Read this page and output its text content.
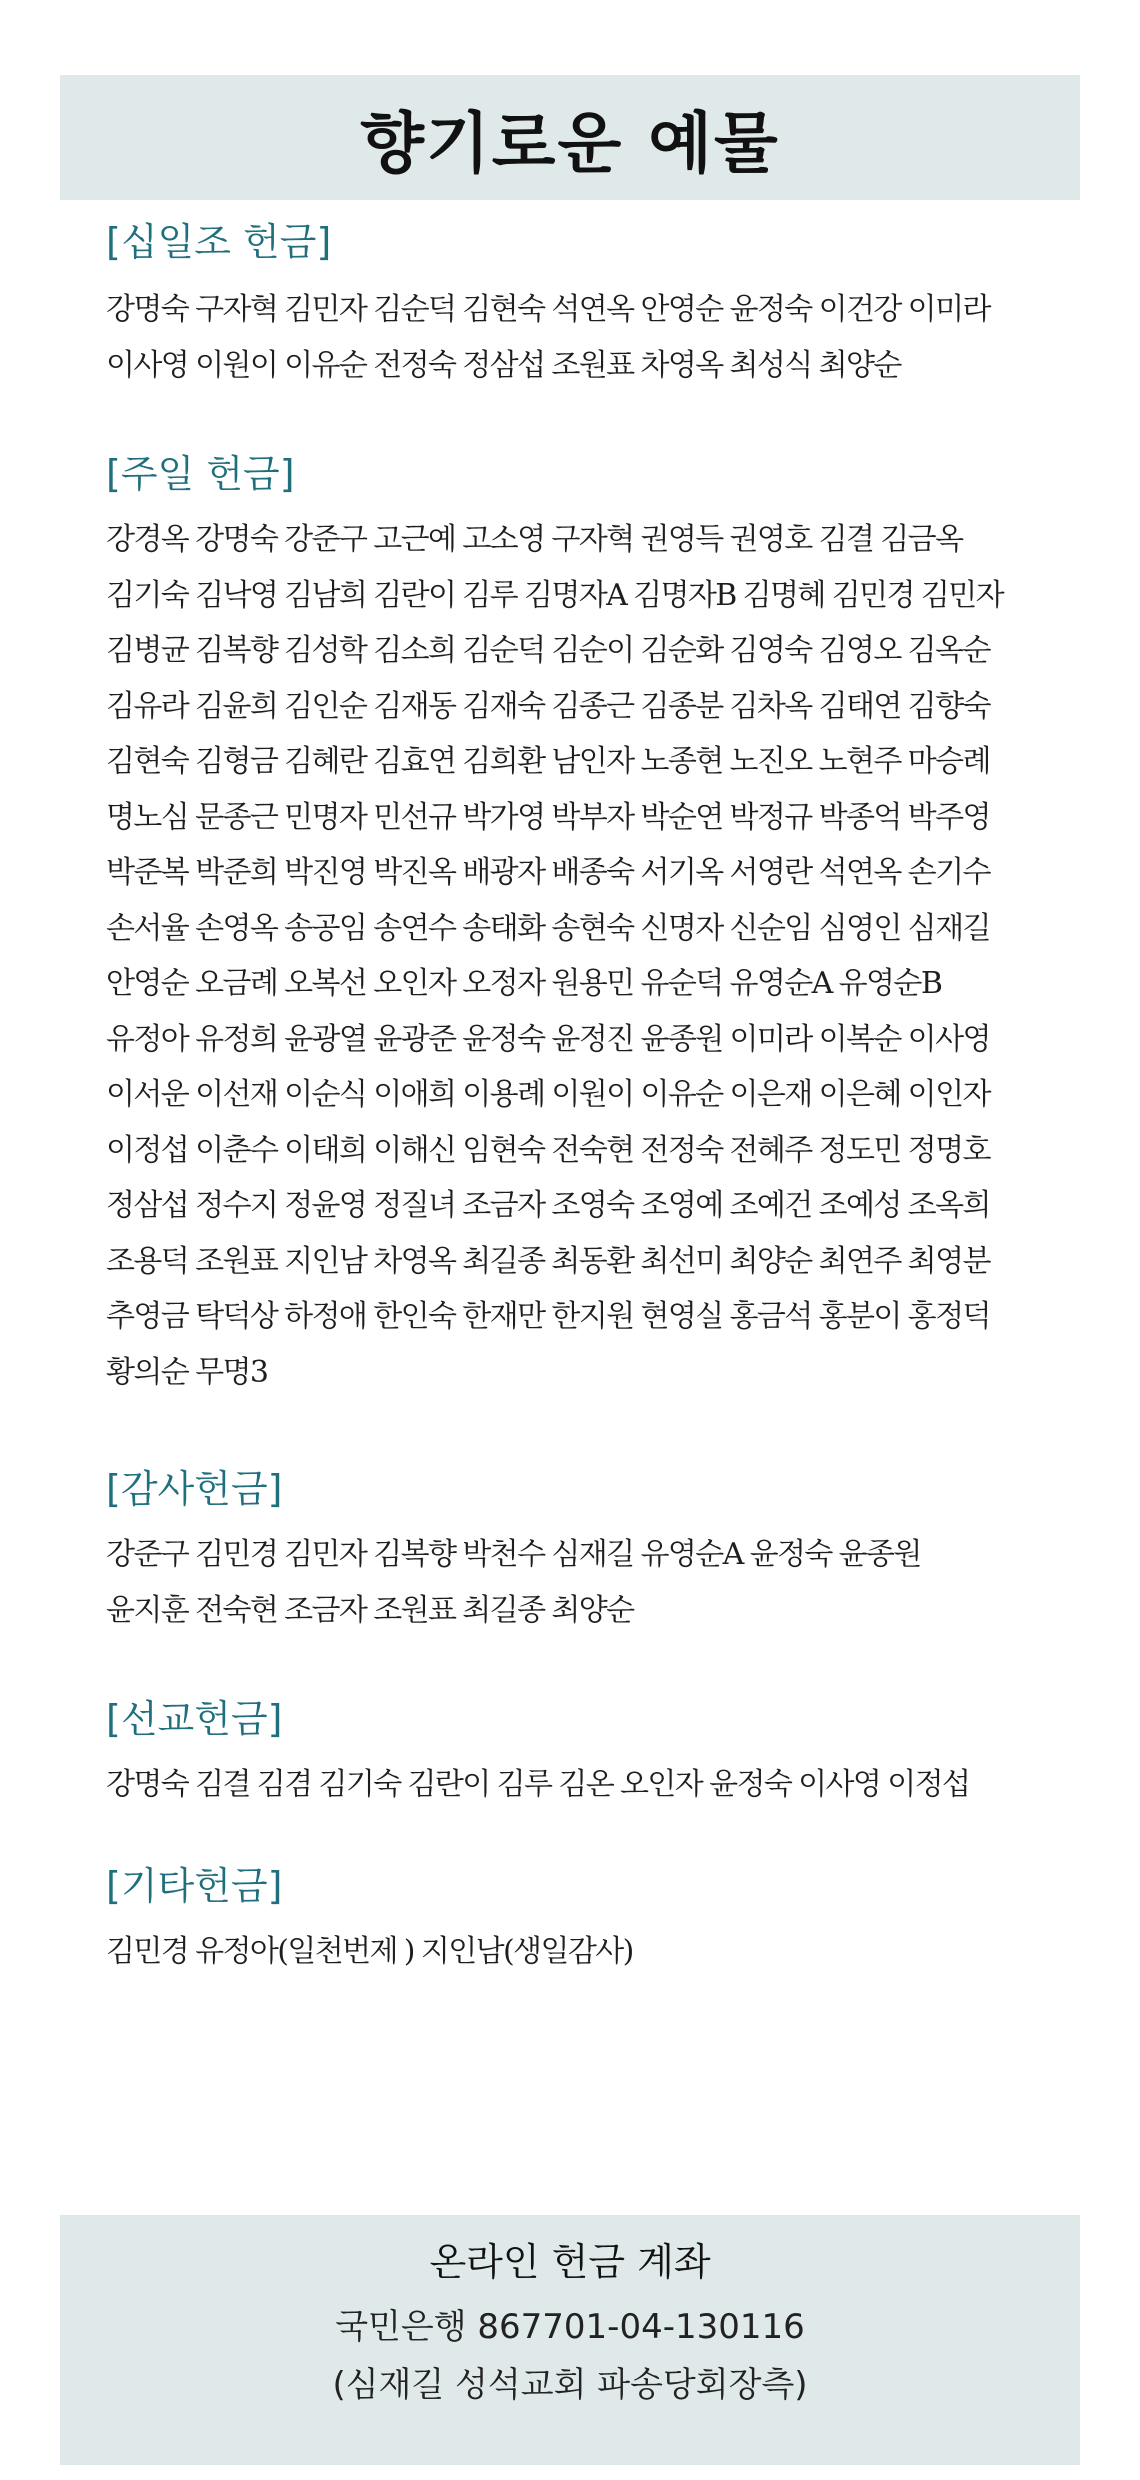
향기로운 예물
[십일조 헌금]

강명숙 구자혁 김민자 김순덕 김현숙 석연옥 안영순 윤정숙 이건강 이미라
이사영 이원이 이유순 전정숙 정삼섭 조원표 차영옥 최성식 최양순

[주일 헌금]

강경옥 강명숙 강준구 고근예 고소영 구자혁 권영득 권영호 김결 김금옥
김기숙 김낙영 김남희 김란이 김루 김명자A 김명자B 김명혜 김민경 김민자
김병균 김복향 김성학 김소희 김순덕 김순이 김순화 김영숙 김영오 김옥순
김유라 김윤희 김인순 김재동 김재숙 김종근 김종분 김차옥 김태연 김향숙
김현숙 김형금 김혜란 김효연 김희환 남인자 노종현 노진오 노현주 마승례
명노심 문종근 민명자 민선규 박가영 박부자 박순연 박정규 박종억 박주영
박준복 박준희 박진영 박진옥 배광자 배종숙 서기옥 서영란 석연옥 손기수
손서율 손영옥 송공임 송연수 송태화 송현숙 신명자 신순임 심영인 심재길
안영순 오금례 오복선 오인자 오정자 원용민 유순덕 유영순A 유영순B
유정아 유정희 윤광열 윤광준 윤정숙 윤정진 윤종원 이미라 이복순 이사영
이서운 이선재 이순식 이애희 이용례 이원이 이유순 이은재 이은혜 이인자
이정섭 이춘수 이태희 이해신 임현숙 전숙현 전정숙 전혜주 정도민 정명호
정삼섭 정수지 정윤영 정질녀 조금자 조영숙 조영예 조예건 조예성 조옥희
조용덕 조원표 지인남 차영옥 최길종 최동환 최선미 최양순 최연주 최영분
추영금 탁덕상 하정애 한인숙 한재만 한지원 현영실 홍금석 홍분이 홍정덕
황의순 무명3

[감사헌금]

강준구 김민경 김민자 김복향 박천수 심재길 유영순A 윤정숙 윤종원
윤지훈 전숙현 조금자 조원표 최길종 최양순

[선교헌금]

강명숙 김결 김겸 김기숙 김란이 김루 김온 오인자 윤정숙 이사영 이정섭

[기타헌금]

김민경 유정아(일천번제 ) 지인남(생일감사)

온라인 헌금 계좌
국민은행 867701-04-130116
(심재길 성석교회 파송당회장측)
